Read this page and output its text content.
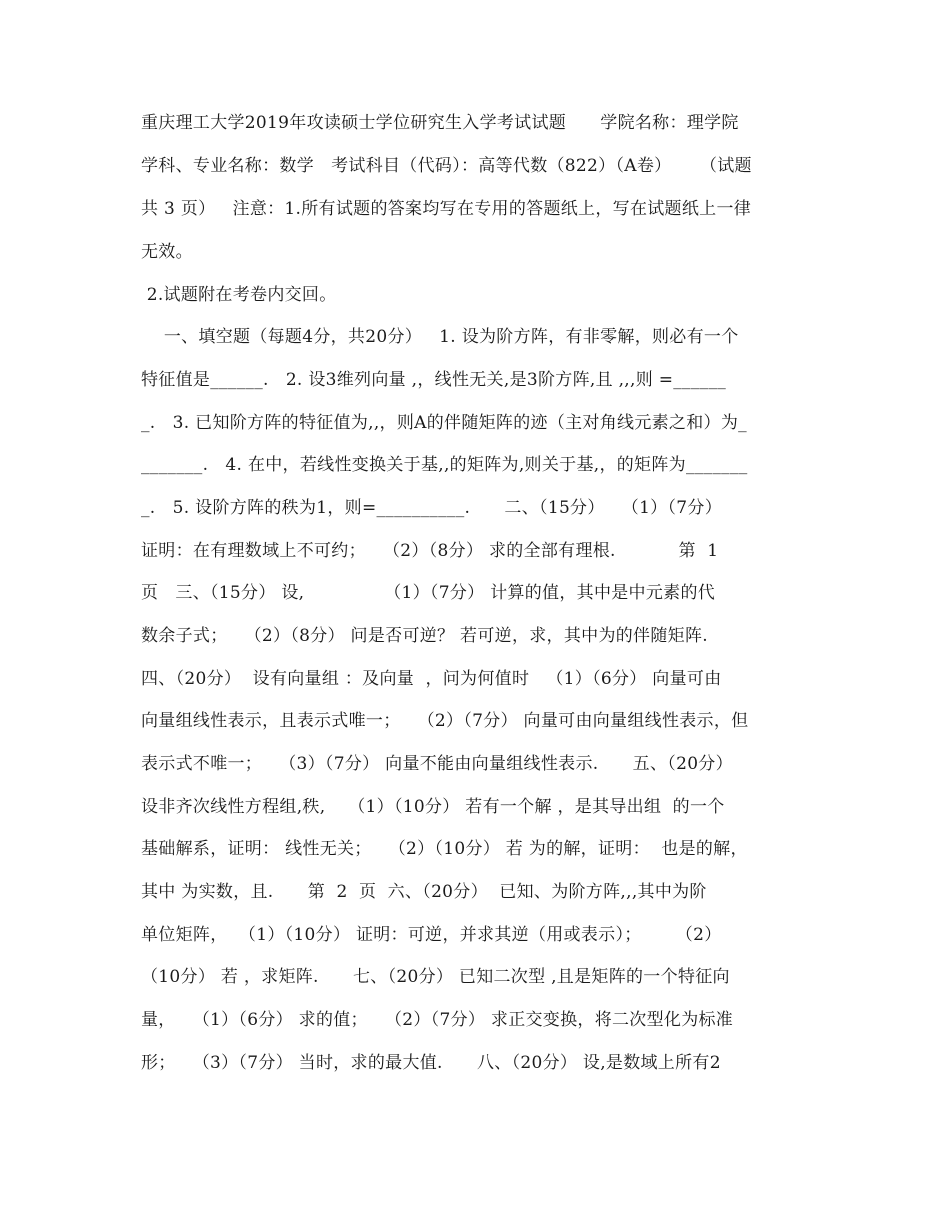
重庆理工大学2019年攻读硕士学位研究生入学考试试题      学院名称：理学院
学科、专业名称：数学   考试科目（代码）：高等代数（822）（A卷）     （试题
共 3 页）   注意：1.所有试题的答案均写在专用的答题纸上，写在试题纸上一律
无效。
2.试题附在考卷内交回。
一、填空题（每题4分，共20分）   1. 设为阶方阵，有非零解，则必有一个
特征值是______.   2. 设3维列向量 ,，线性无关,是3阶方阵,且 ,,,则 =______
_.   3. 已知阶方阵的特征值为,,，则A的伴随矩阵的迹（主对角线元素之和）为_
_______.   4. 在中，若线性变换关于基,,的矩阵为,则关于基,，的矩阵为_______
_.   5. 设阶方阵的秩为1，则=__________.      二、（15分）   （1）（7分）
证明：在有理数域上不可约；   （2）（8分） 求的全部有理根.           第  1
页   三、（15分） 设,              （1）（7分） 计算的值，其中是中元素的代
数余子式；   （2）（8分） 问是否可逆？ 若可逆，求，其中为的伴随矩阵.
四、（20分）  设有向量组 ：及向量  ，问为何值时   （1）（6分） 向量可由
向量组线性表示，且表示式唯一；   （2）（7分） 向量可由向量组线性表示，但
表示式不唯一；   （3）（7分） 向量不能由向量组线性表示.      五、（20分）
设非齐次线性方程组,秩,    （1）（10分） 若有一个解 ，是其导出组  的一个
基础解系，证明： 线性无关；   （2）（10分） 若 为的解，证明：  也是的解，
其中 为实数，且.      第  2  页  六、（20分）  已知、为阶方阵,,,其中为阶
单位矩阵，  （1）（10分） 证明：可逆，并求其逆（用或表示）；      （2）
（10分） 若 ，求矩阵.      七、（20分） 已知二次型 ,且是矩阵的一个特征向
量，   （1）（6分） 求的值；   （2）（7分） 求正交变换，将二次型化为标准
形；   （3）（7分） 当时，求的最大值.      八、（20分） 设,是数域上所有2
